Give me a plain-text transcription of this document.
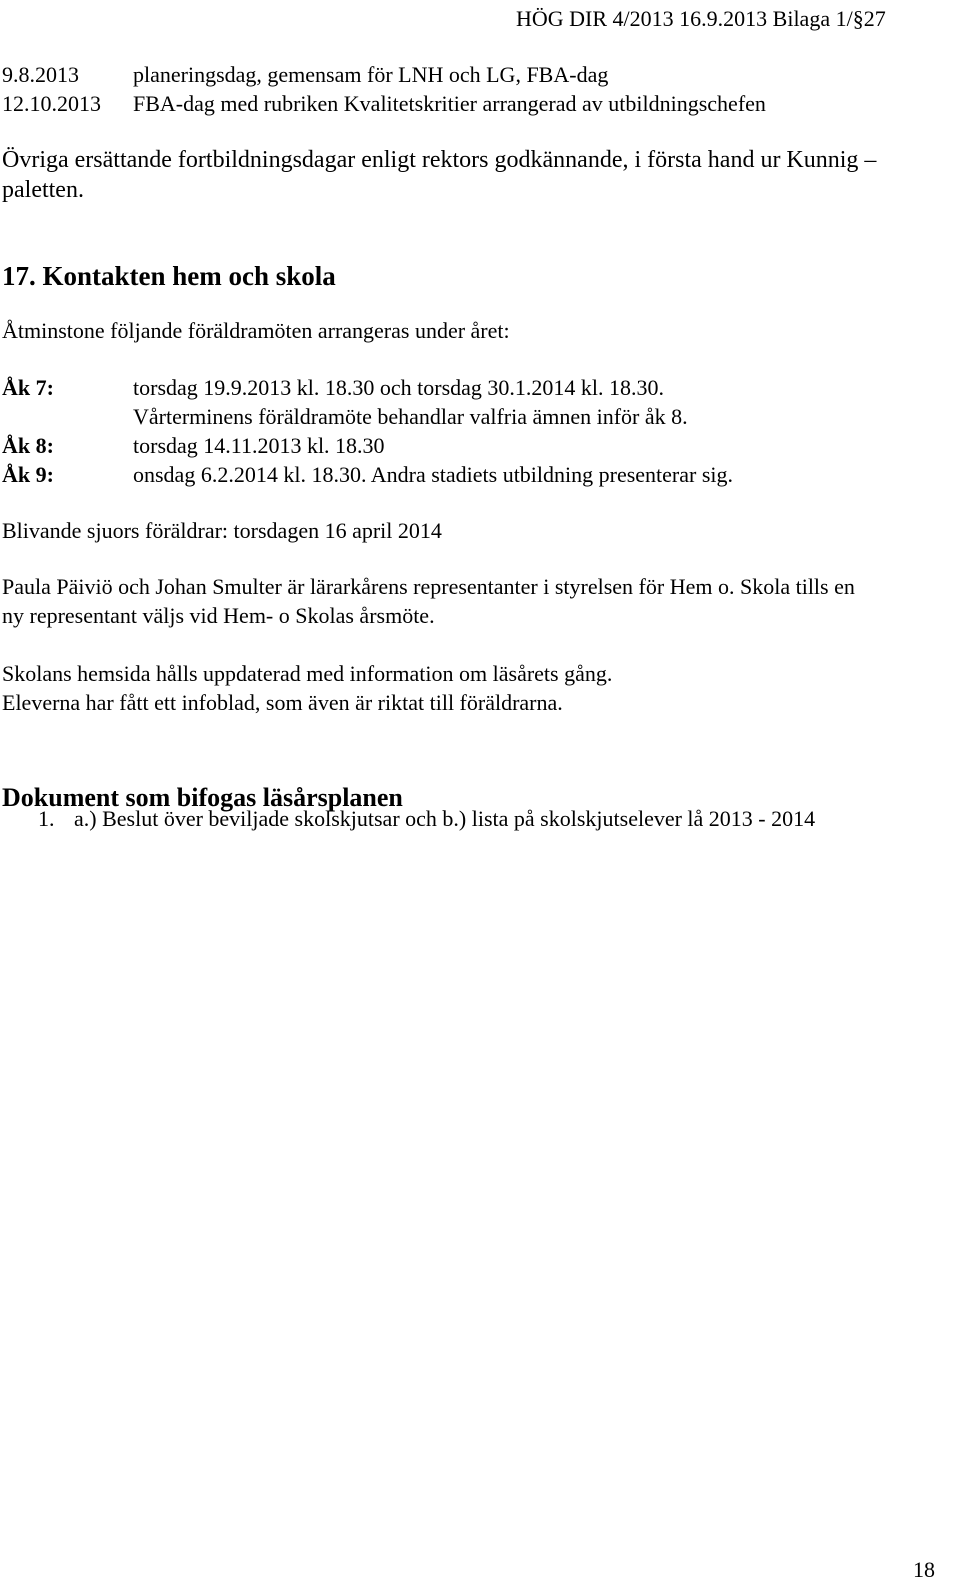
HÖG DIR 4/2013 16.9.2013 Bilaga 1/§27
9.8.2013 planeringsdag, gemensam för LNH och LG, FBA-dag
12.10.2013 FBA-dag med rubriken Kvalitetskritier arrangerad av utbildningschefen
Övriga ersättande fortbildningsdagar enligt rektors godkännande, i första hand ur Kunnig –
paletten.
17. Kontakten hem och skola
Åtminstone följande föräldramöten arrangeras under året:
Åk 7:	torsdag 19.9.2013 kl. 18.30 och torsdag 30.1.2014 kl. 18.30.
Vårterminens föräldramöte behandlar valfria ämnen inför åk 8.
Åk 8:	torsdag 14.11.2013 kl. 18.30
Åk 9:	onsdag 6.2.2014 kl. 18.30. Andra stadiets utbildning presenterar sig.
Blivande sjuors föräldrar: torsdagen 16 april 2014
Paula Päiviö och Johan Smulter är lärarkårens representanter i styrelsen för Hem o. Skola tills en
ny representant väljs vid Hem- o Skolas årsmöte.
Skolans hemsida hålls uppdaterad med information om läsårets gång.
Eleverna har fått ett infoblad, som även är riktat till föräldrarna.
Dokument som bifogas läsårsplanen
1. a.) Beslut över beviljade skolskjutsar och b.) lista på skolskjutselever lå 2013 - 2014
18
